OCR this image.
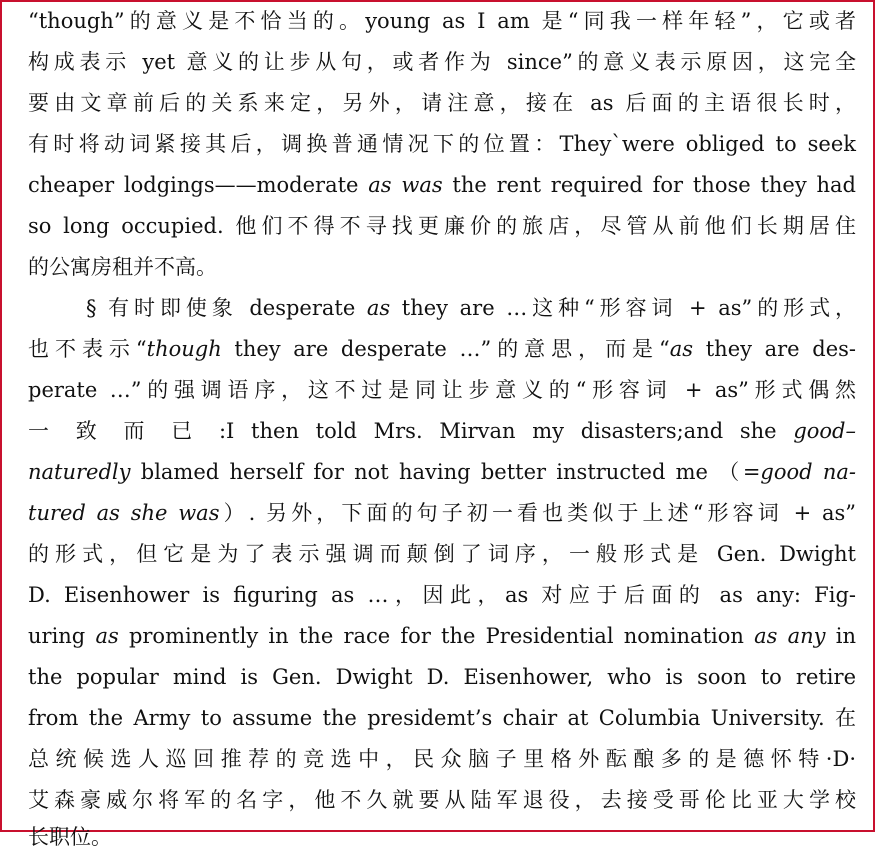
“though”的意义是不恰当的。young as I am 是“同我一样年轻”，它或者
构成表示 yet 意义的让步从句，或者作为 since”的意义表示原因，这完全
要由文章前后的关系来定，另外，请注意，接在 as 后面的主语很长时，
有时将动词紧接其后，调换普通情况下的位置：They`were obliged to seek
cheaper lodgings——moderate as was the rent required for those they had
so long occupied. 他们不得不寻找更廉价的旅店，尽管从前他们长期居住
的公寓房租并不高。
§ 有时即使象 desperate as they are …这种“形容词 + as”的形式，
也不表示“though they are desperate …”的意思，而是“as they are des-
perate …”的强调语序，这不过是同让步意义的“形容词 + as”形式偶然
一 致 而 已 :I then told Mrs. Mirvan my disasters;and she good–
naturedly blamed herself for not having better instructed me （=good na-
tured as she was）. 另外，下面的句子初一看也类似于上述“形容词 + as”
的形式，但它是为了表示强调而颠倒了词序，一般形式是 Gen. Dwight
D. Eisenhower is figuring as …，因此，as 对应于后面的 as any: Fig-
uring as prominently in the race for the Presidential nomination as any in
the popular mind is Gen. Dwight D. Eisenhower, who is soon to retire
from the Army to assume the presidemt’s chair at Columbia University. 在
总统候选人巡回推荐的竞选中，民众脑子里格外酝酿多的是德怀特·D·
艾森豪威尔将军的名字，他不久就要从陆军退役，去接受哥伦比亚大学校
长职位。
